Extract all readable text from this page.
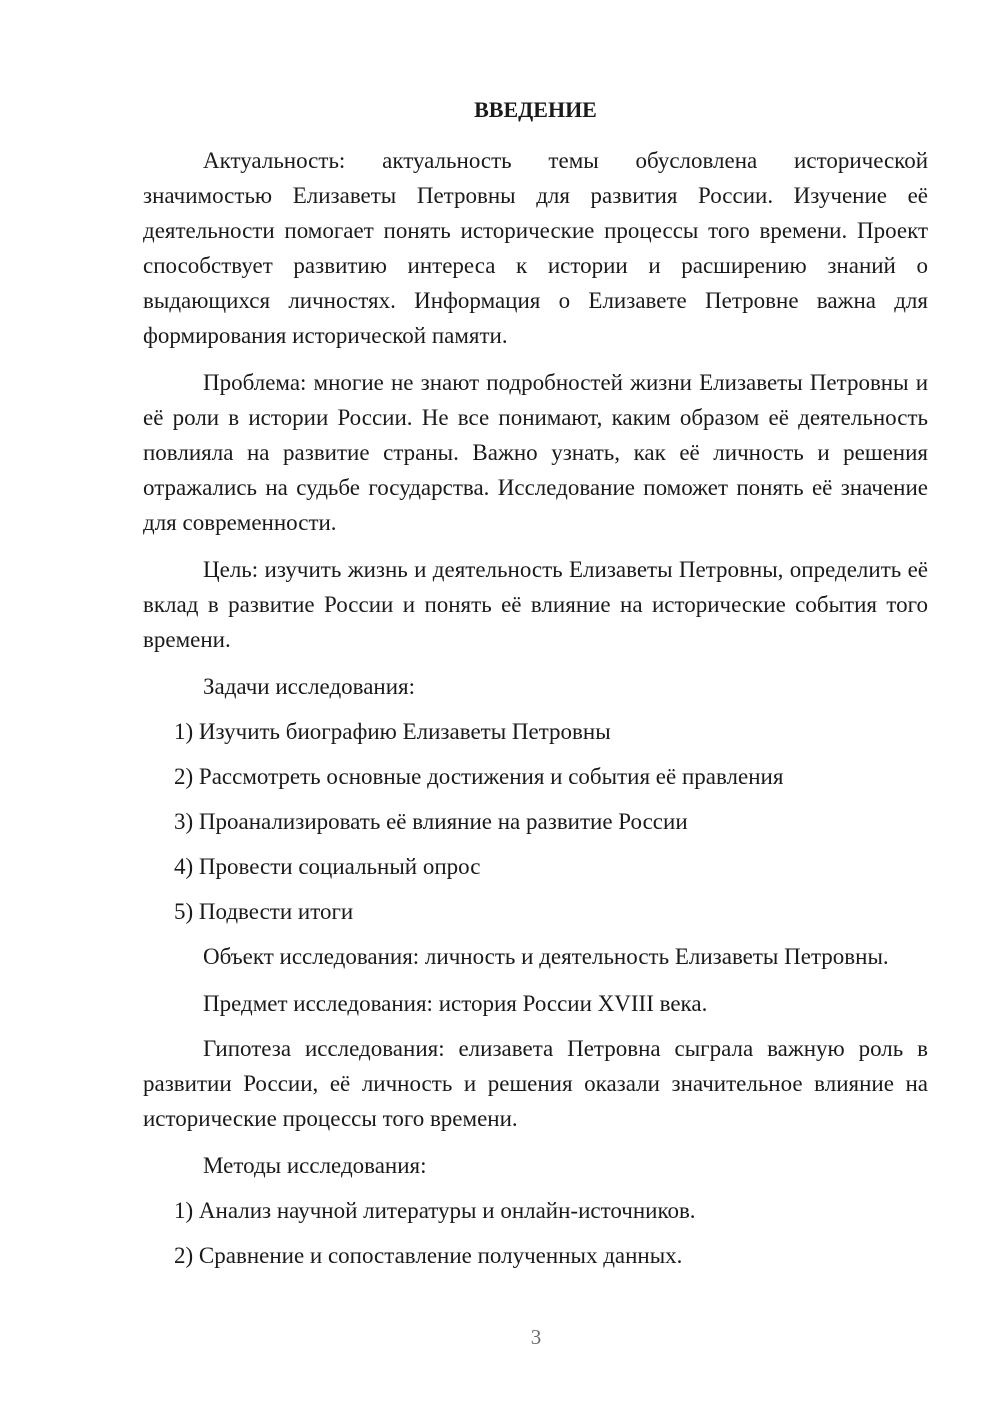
ВВЕДЕНИЕ

Актуальность: актуальность темы обусловлена исторической значимостью Елизаветы Петровны для развития России. Изучение её деятельности помогает понять исторические процессы того времени. Проект способствует развитию интереса к истории и расширению знаний о выдающихся личностях. Информация о Елизавете Петровне важна для формирования исторической памяти.

Проблема: многие не знают подробностей жизни Елизаветы Петровны и её роли в истории России. Не все понимают, каким образом её деятельность повлияла на развитие страны. Важно узнать, как её личность и решения отражались на судьбе государства. Исследование поможет понять её значение для современности.

Цель: изучить жизнь и деятельность Елизаветы Петровны, определить её вклад в развитие России и понять её влияние на исторические события того времени.

Задачи исследования:
1) Изучить биографию Елизаветы Петровны
2) Рассмотреть основные достижения и события её правления
3) Проанализировать её влияние на развитие России
4) Провести социальный опрос
5) Подвести итоги

Объект исследования: личность и деятельность Елизаветы Петровны.

Предмет исследования: история России XVIII века.

Гипотеза исследования: елизавета Петровна сыграла важную роль в развитии России, её личность и решения оказали значительное влияние на исторические процессы того времени.

Методы исследования:
1) Анализ научной литературы и онлайн-источников.
2) Сравнение и сопоставление полученных данных.
3
